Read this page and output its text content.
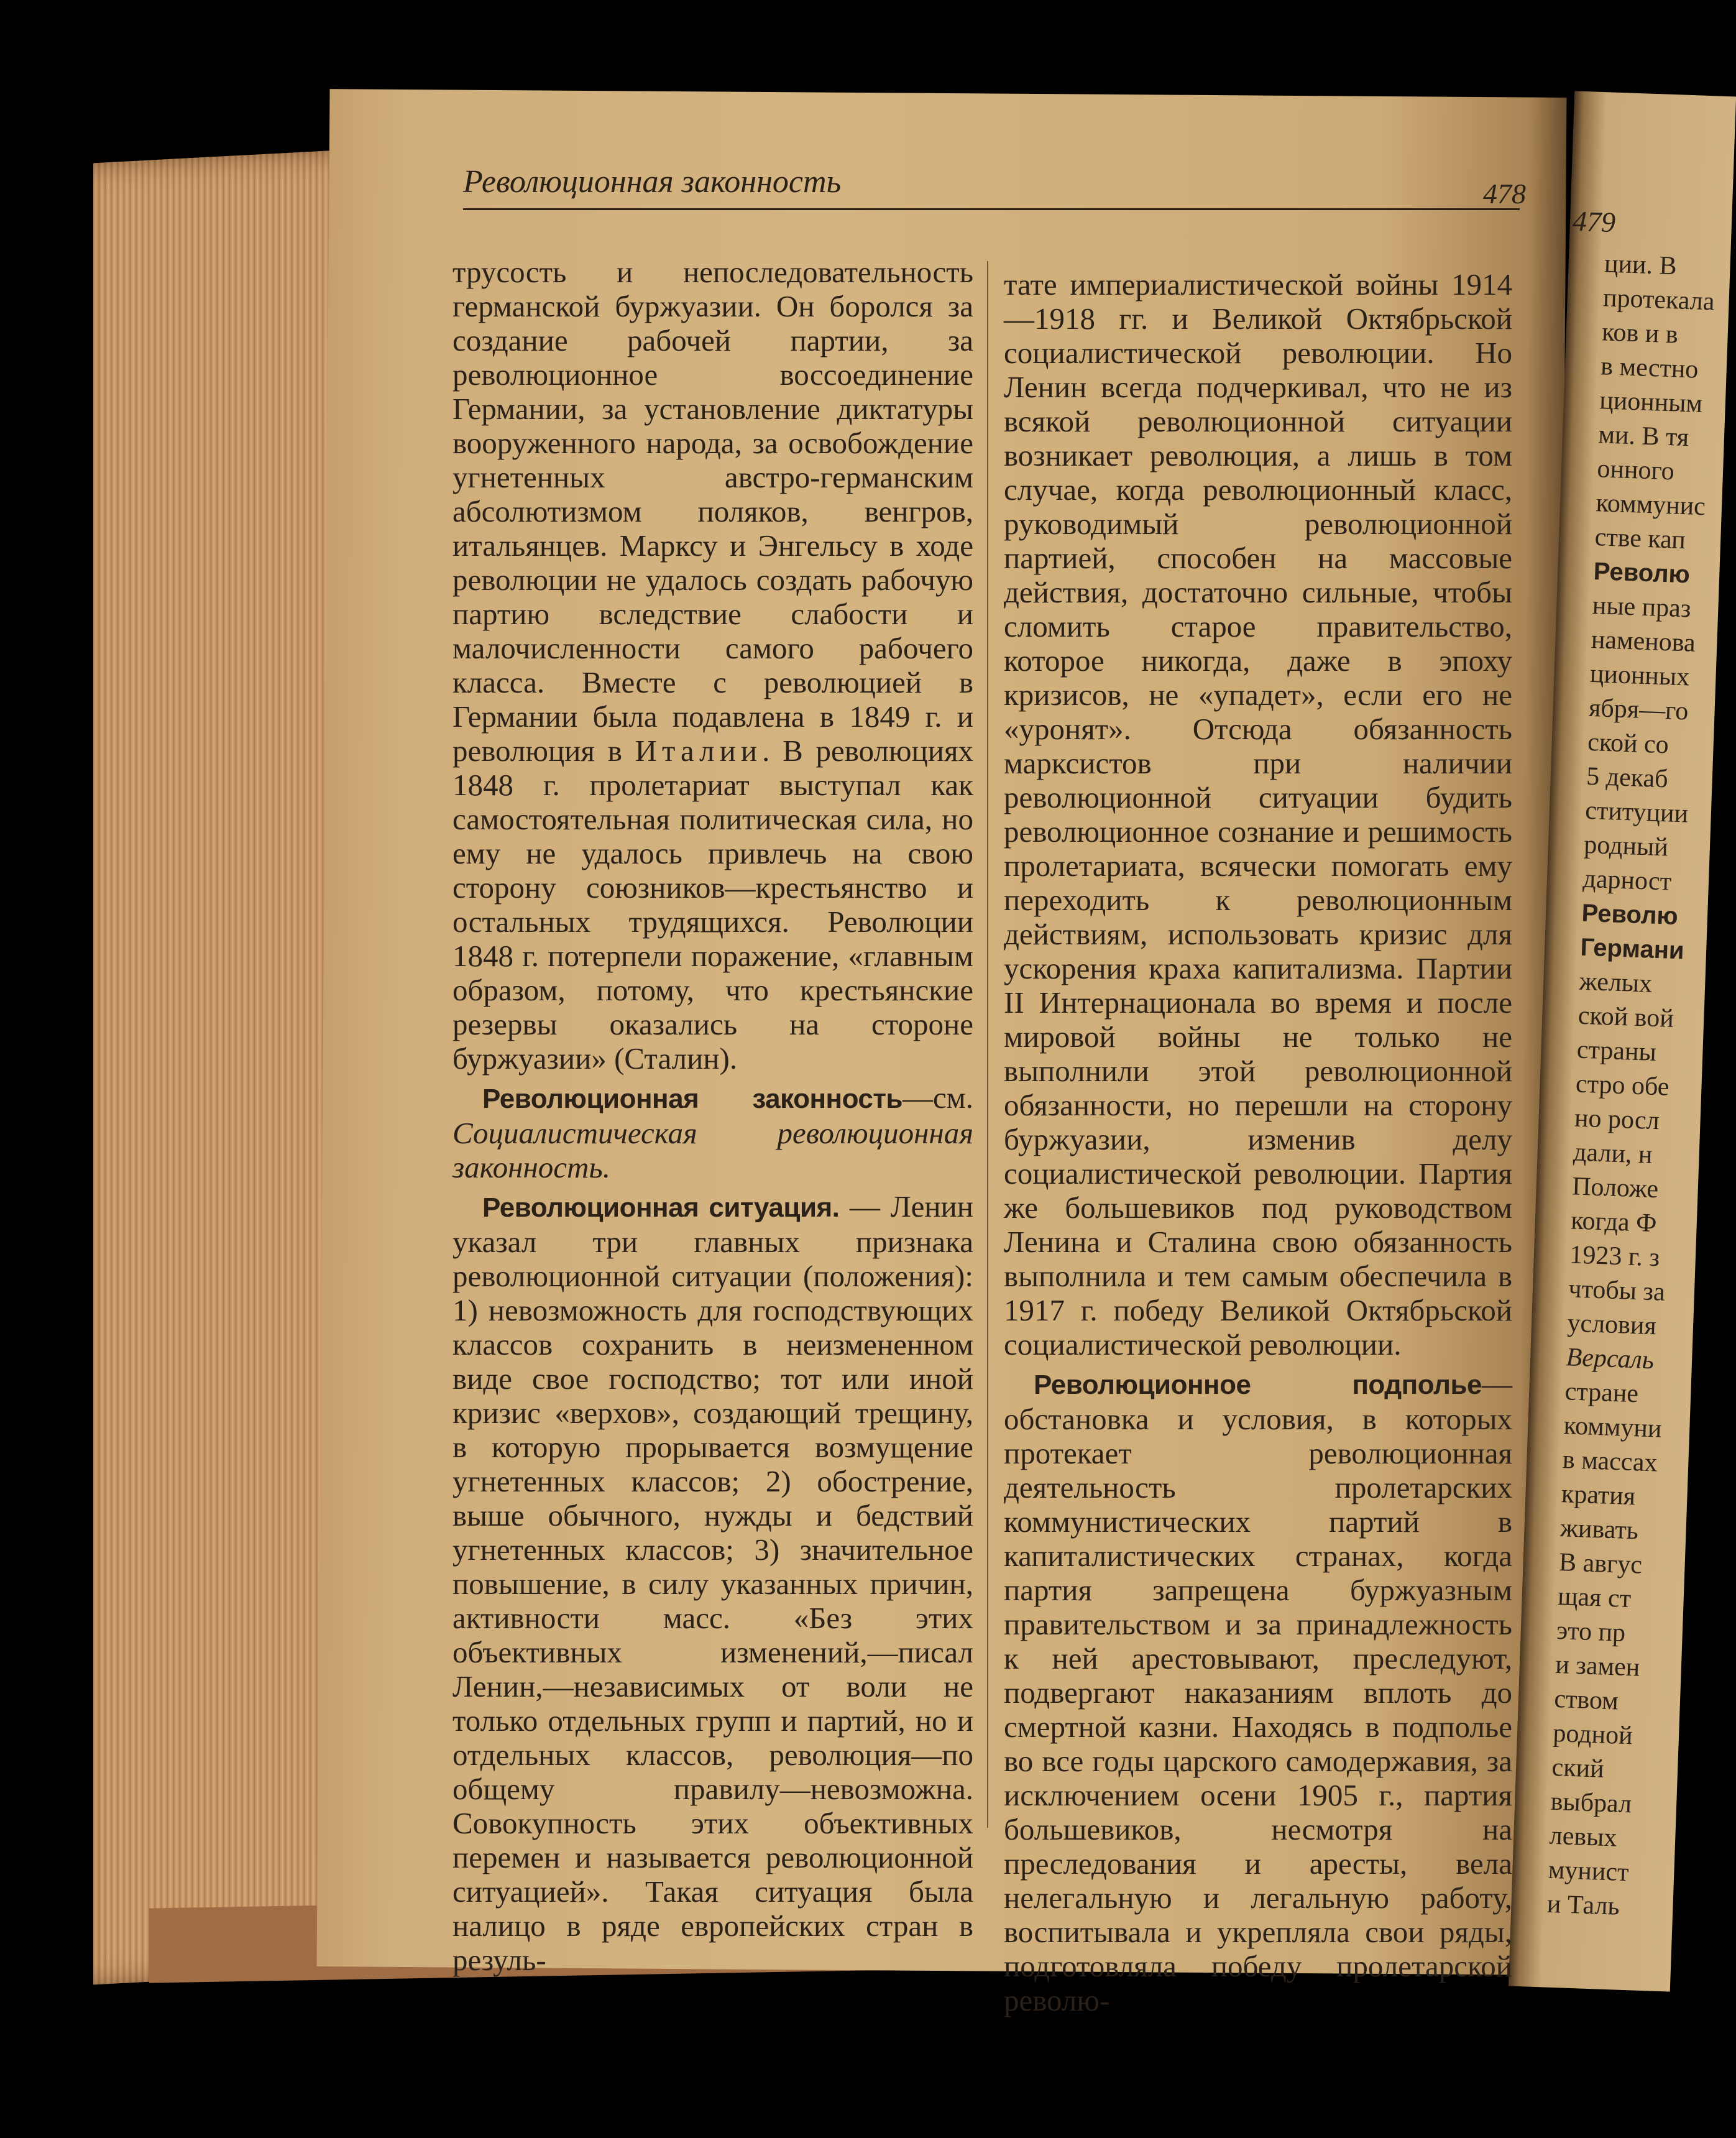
Революционная законность	478

трусость и непоследовательность германской буржуазии. Он боролся за создание рабочей партии, за революционное воссоединение Германии, за установление диктатуры вооруженного народа, за освобождение угнетенных австро-германским абсолютизмом поляков, венгров, итальянцев. Марксу и Энгельсу в ходе революции не удалось создать рабочую партию вследствие слабости и малочисленности самого рабочего класса. Вместе с революцией в Германии была подавлена в 1849 г. и революция в Италии. В революциях 1848 г. пролетариат выступал как самостоятельная политическая сила, но ему не удалось привлечь на свою сторону союзников—крестьянство и остальных трудящихся. Революции 1848 г. потерпели поражение, «главным образом, потому, что крестьянские резервы оказались на стороне буржуазии» (Сталин).

Революционная законность—см. Социалистическая революционная законность.

Революционная ситуация. — Ленин указал три главных признака революционной ситуации (положения): 1) невозможность для господствующих классов сохранить в неизмененном виде свое господство; тот или иной кризис «верхов», создающий трещину, в которую прорывается возмущение угнетенных классов; 2) обострение, выше обычного, нужды и бедствий угнетенных классов; 3) значительное повышение, в силу указанных причин, активности масс. «Без этих объективных изменений,—писал Ленин,—независимых от воли не только отдельных групп и партий, но и отдельных классов, революция—по общему правилу—невозможна. Совокупность этих объективных перемен и называется революционной ситуацией». Такая ситуация была налицо в ряде европейских стран в резуль-

тате империалистической войны 1914—1918 гг. и Великой Октябрьской социалистической революции. Но Ленин всегда подчеркивал, что не из всякой революционной ситуации возникает революция, а лишь в том случае, когда революционный класс, руководимый революционной партией, способен на массовые действия, достаточно сильные, чтобы сломить старое правительство, которое никогда, даже в эпоху кризисов, не «упадет», если его не «уронят». Отсюда обязанность марксистов при наличии революционной ситуации будить революционное сознание и решимость пролетариата, всячески помогать ему переходить к революционным действиям, использовать кризис для ускорения краха капитализма. Партии II Интернационала во время и после мировой войны не только не выполнили этой революционной обязанности, но перешли на сторону буржуазии, изменив делу социалистической революции. Партия же большевиков под руководством Ленина и Сталина свою обязанность выполнила и тем самым обеспечила в 1917 г. победу Великой Октябрьской социалистической революции.

Революционное подполье—обстановка и условия, в которых протекает революционная деятельность пролетарских коммунистических партий в капиталистических странах, когда партия запрещена буржуазным правительством и за принадлежность к ней арестовывают, преследуют, подвергают наказаниям вплоть до смертной казни. Находясь в подполье во все годы царского самодержавия, за исключением осени 1905 г., партия большевиков, несмотря на преследования и аресты, вела нелегальную и легальную работу, воспитывала и укрепляла свои ряды, подготовляла победу пролетарской револю-

479
ции. В
протекала
ков и в
в местно
ционным
ми. В тя
онного
коммунис
стве кап
Револю
ные праз
наменова
ционных
ября—го
ской со
5 декаб
ституции
родный
дарност
Револю
Германи
желых
ской вой
страны
стро обе
но росл
дали, н
Положе
когда Ф
1923 г. з
чтобы за
условия
Версаль
стране
коммуни
в массах
кратия
живать
В авгус
щая ст
это пр
и замен
ством
родной
ский
выбрал
левых
мунист
и Таль
